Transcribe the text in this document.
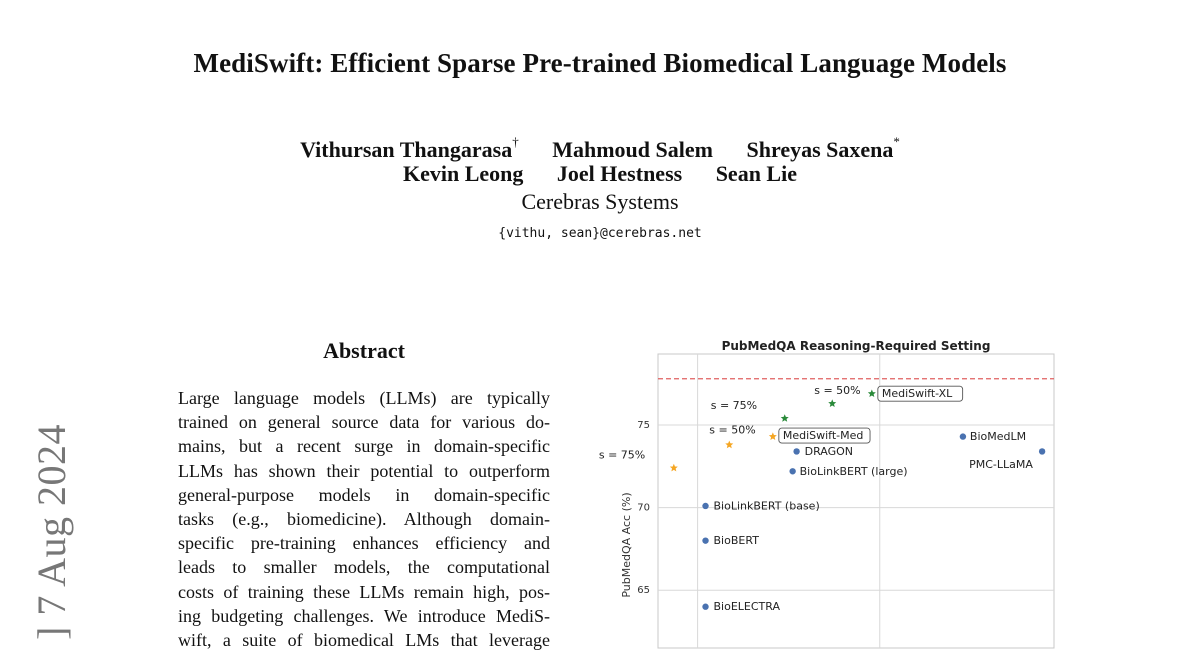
MediSwift: Efficient Sparse Pre-trained Biomedical Language Models
Vithursan Thangarasa† Mahmoud Salem Shreyas Saxena*
Kevin Leong Joel Hestness Sean Lie
Cerebras Systems
{vithu, sean}@cerebras.net
] 7 Aug 2024
Abstract
Large language models (LLMs) are typically
trained on general source data for various do-
mains, but a recent surge in domain-specific
LLMs has shown their potential to outperform
general-purpose models in domain-specific
tasks (e.g., biomedicine). Although domain-
specific pre-training enhances efficiency and
leads to smaller models, the computational
costs of training these LLMs remain high, pos-
ing budgeting challenges. We introduce MediS-
wift, a suite of biomedical LMs that leverage
PubMedQA Reasoning-Required Setting
PubMedQA Acc (%) 65
70
75
MediSwift-XL
s = 50%
s = 75%
MediSwift-Med
s = 50%
s = 75%	DRAGON
BioLinkBERT (large)
BioMedLM
PMC-LLaMA
BioLinkBERT (base)
BioBERT
BioELECTRA
